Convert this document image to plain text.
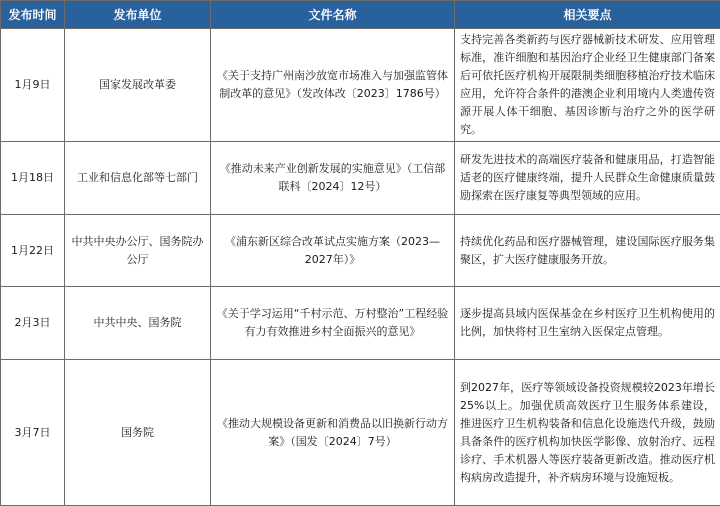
发布时间	发布单位	文件名称	相关要点
1月9日	国家发展改革委	《关于支持广州南沙放宽市场准入与加强监管体制改革的意见》（发改体改〔2023〕1786号）	支持完善各类新药与医疗器械新技术研发、应用管理标准，准许细胞和基因治疗企业经卫生健康部门备案后可依托医疗机构开展限制类细胞移植治疗技术临床应用，允许符合条件的港澳企业利用境内人类遗传资源开展人体干细胞、基因诊断与治疗之外的医学研究。
1月18日	工业和信息化部等七部门	《推动未来产业创新发展的实施意见》（工信部联科〔2024〕12号）	研发先进技术的高端医疗装备和健康用品，打造智能适老的医疗健康终端，提升人民群众生命健康质量鼓励探索在医疗康复等典型领域的应用。
1月22日	中共中央办公厅、国务院办公厅	《浦东新区综合改革试点实施方案（2023—2027年）》	持续优化药品和医疗器械管理，建设国际医疗服务集聚区，扩大医疗健康服务开放。
2月3日	中共中央、国务院	《关于学习运用“千村示范、万村整治”工程经验有力有效推进乡村全面振兴的意见》	逐步提高县域内医保基金在乡村医疗卫生机构使用的比例，加快将村卫生室纳入医保定点管理。
3月7日	国务院	《推动大规模设备更新和消费品以旧换新行动方案》（国发〔2024〕7号）	到2027年，医疗等领域设备投资规模较2023年增长25%以上。加强优质高效医疗卫生服务体系建设，推进医疗卫生机构装备和信息化设施迭代升级，鼓励具备条件的医疗机构加快医学影像、放射治疗、远程诊疗、手术机器人等医疗装备更新改造。推动医疗机构病房改造提升，补齐病房环境与设施短板。
